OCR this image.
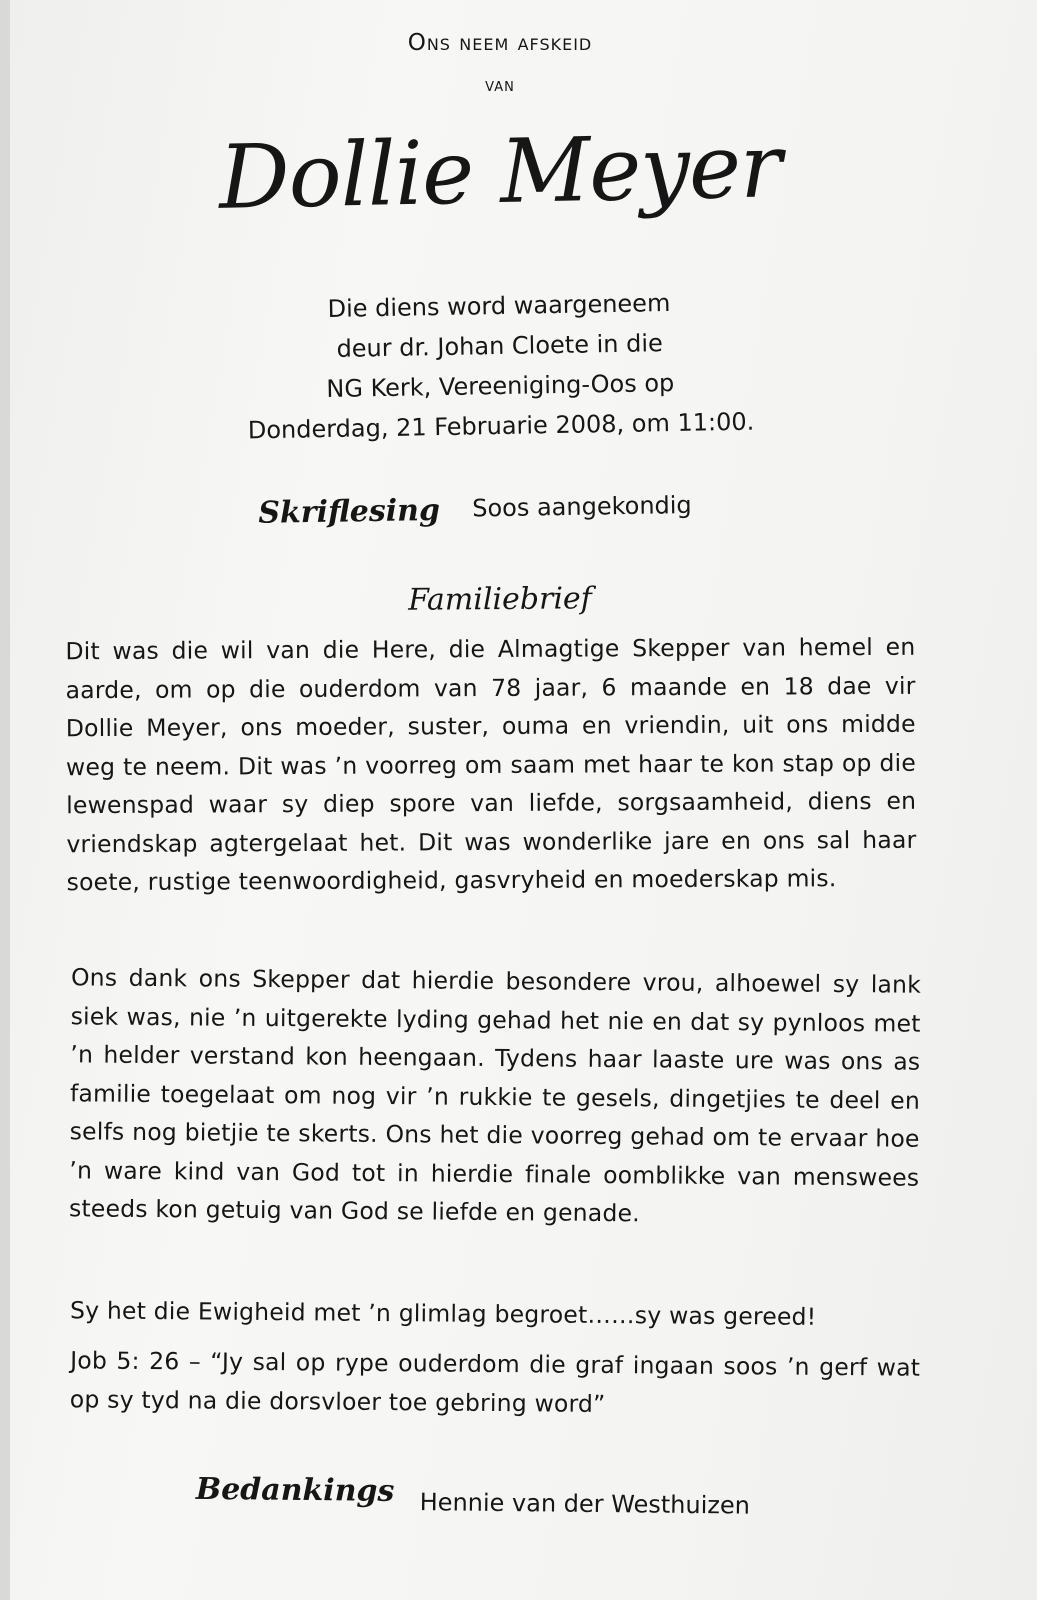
Ons neem afskeid
van
Dollie Meyer
Die diens word waargeneem
deur dr. Johan Cloete in die
NG Kerk, Vereeniging-Oos op
Donderdag, 21 Februarie 2008, om 11:00.
Skriflesing Soos aangekondig
Familiebrief
Dit was die wil van die Here, die Almagtige Skepper van hemel en aarde, om op die ouderdom van 78 jaar, 6 maande en 18 dae vir Dollie Meyer, ons moeder, suster, ouma en vriendin, uit ons midde weg te neem. Dit was ’n voorreg om saam met haar te kon stap op die lewenspad waar sy diep spore van liefde, sorgsaamheid, diens en vriendskap agtergelaat het. Dit was wonderlike jare en ons sal haar soete, rustige teenwoordigheid, gasvryheid en moederskap mis.
Ons dank ons Skepper dat hierdie besondere vrou, alhoewel sy lank siek was, nie ’n uitgerekte lyding gehad het nie en dat sy pynloos met ’n helder verstand kon heengaan. Tydens haar laaste ure was ons as familie toegelaat om nog vir ’n rukkie te gesels, dingetjies te deel en selfs nog bietjie te skerts. Ons het die voorreg gehad om te ervaar hoe ’n ware kind van God tot in hierdie finale oomblikke van menswees steeds kon getuig van God se liefde en genade.
Sy het die Ewigheid met ’n glimlag begroet……sy was gereed!
Job 5: 26 – “Jy sal op rype ouderdom die graf ingaan soos ’n gerf wat op sy tyd na die dorsvloer toe gebring word”
Bedankings Hennie van der Westhuizen
